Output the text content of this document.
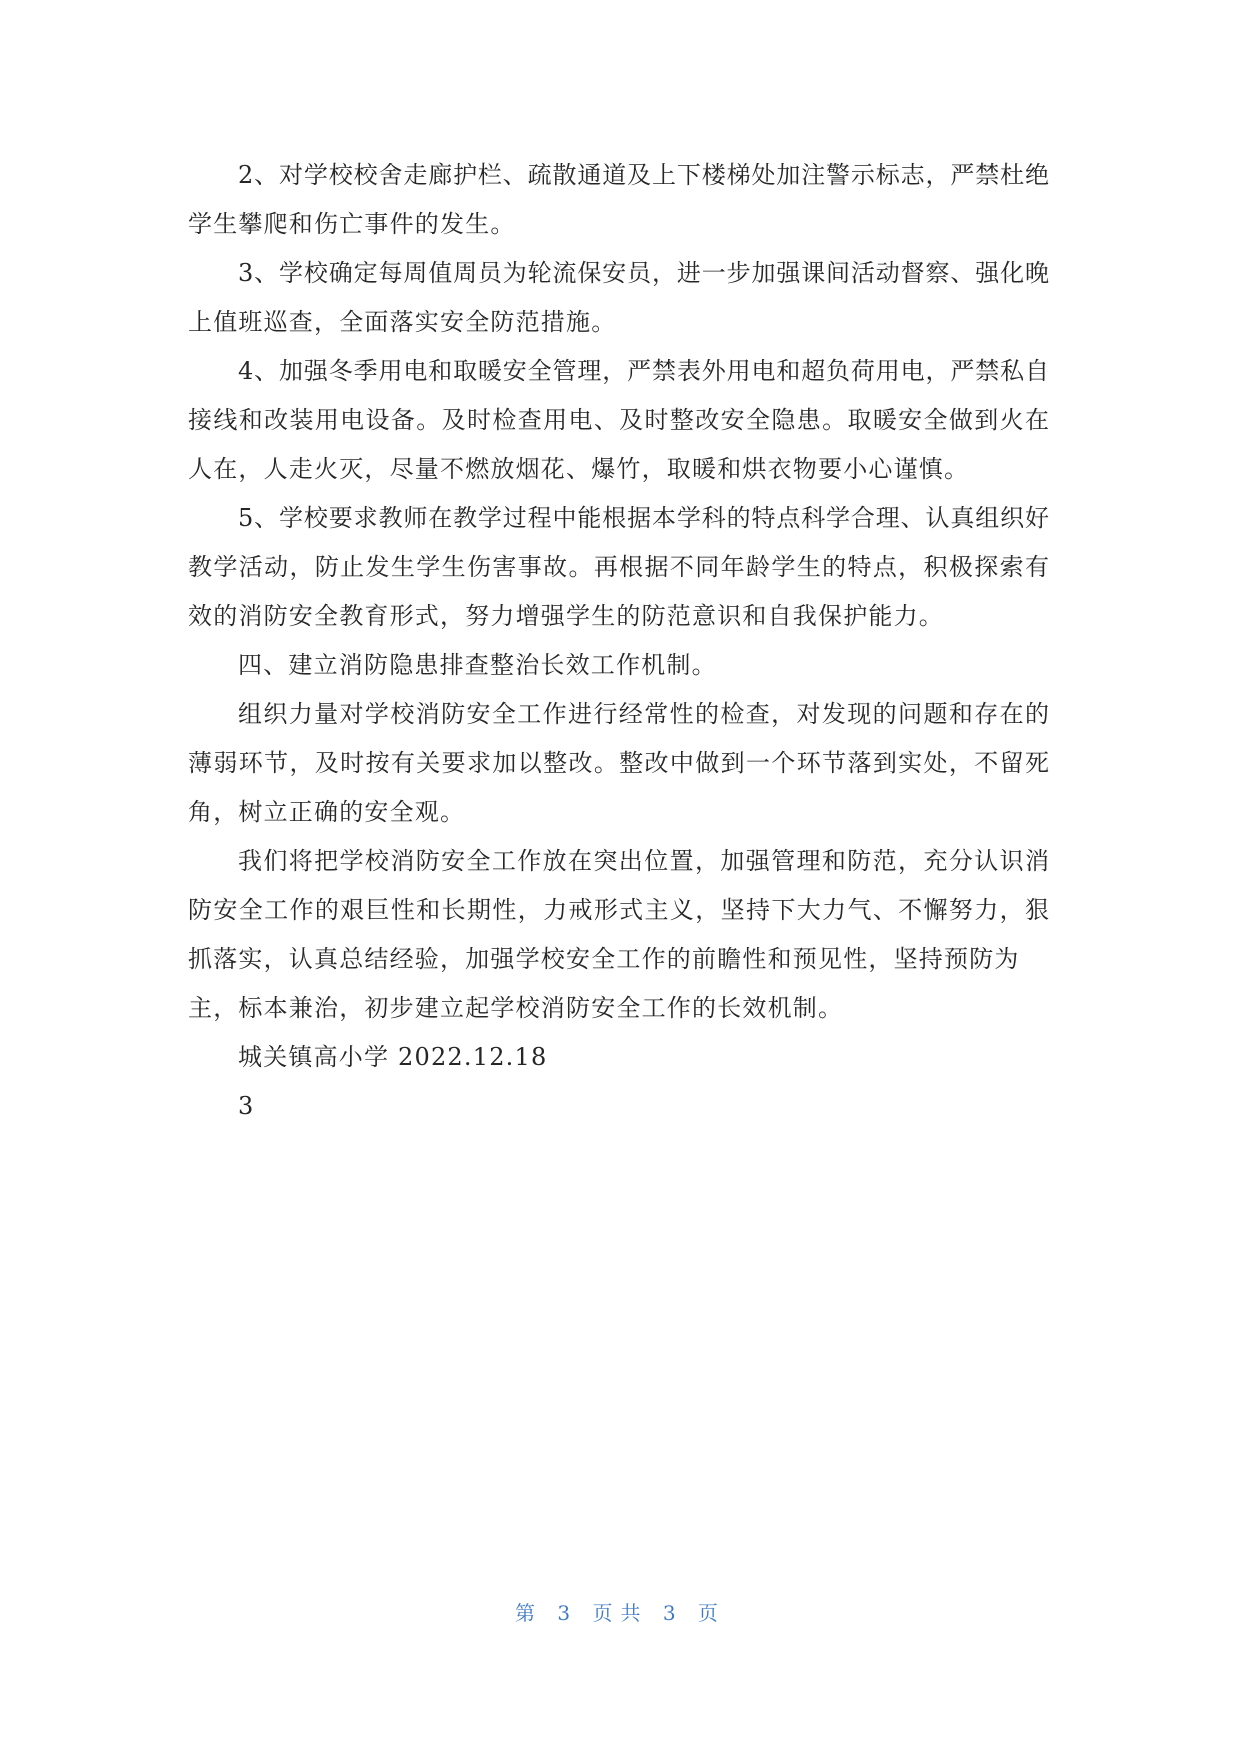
2、对学校校舍走廊护栏、疏散通道及上下楼梯处加注警示标志，严禁杜绝
学生攀爬和伤亡事件的发生。
3、学校确定每周值周员为轮流保安员，进一步加强课间活动督察、强化晚
上值班巡查，全面落实安全防范措施。
4、加强冬季用电和取暖安全管理，严禁表外用电和超负荷用电，严禁私自
接线和改装用电设备。及时检查用电、及时整改安全隐患。取暖安全做到火在
人在，人走火灭，尽量不燃放烟花、爆竹，取暖和烘衣物要小心谨慎。
5、学校要求教师在教学过程中能根据本学科的特点科学合理、认真组织好
教学活动，防止发生学生伤害事故。再根据不同年龄学生的特点，积极探索有
效的消防安全教育形式，努力增强学生的防范意识和自我保护能力。
四、建立消防隐患排查整治长效工作机制。
组织力量对学校消防安全工作进行经常性的检查，对发现的问题和存在的
薄弱环节，及时按有关要求加以整改。整改中做到一个环节落到实处，不留死
角，树立正确的安全观。
我们将把学校消防安全工作放在突出位置，加强管理和防范，充分认识消
防安全工作的艰巨性和长期性，力戒形式主义，坚持下大力气、不懈努力，狠
抓落实，认真总结经验，加强学校安全工作的前瞻性和预见性，坚持预防为
主，标本兼治，初步建立起学校消防安全工作的长效机制。
城关镇高小学 2022.12.18
3
第 3 页共 3 页
